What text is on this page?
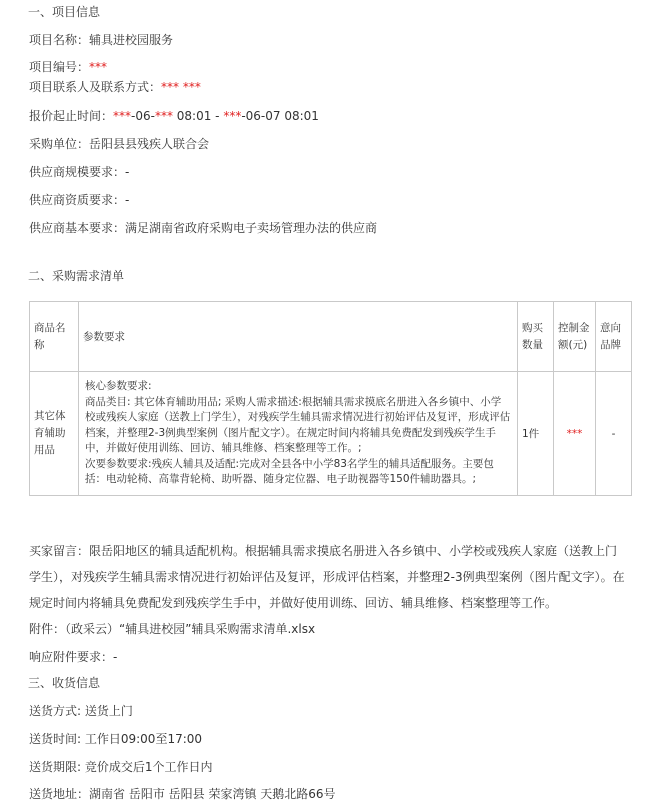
一、项目信息
项目名称：辅具进校园服务
项目编号：***
项目联系人及联系方式：*** ***
报价起止时间：***-06-*** 08:01 - ***-06-07 08:01
采购单位：岳阳县县残疾人联合会
供应商规模要求：-
供应商资质要求：-
供应商基本要求：满足湖南省政府采购电子卖场管理办法的供应商
二、采购需求清单
商品名称	参数要求	购买数量	控制金额(元)	意向品牌
其它体育辅助用品	核心参数要求:
商品类目: 其它体育辅助用品; 采购人需求描述:根据辅具需求摸底名册进入各乡镇中、小学校或残疾人家庭（送教上门学生），对残疾学生辅具需求情况进行初始评估及复评，形成评估档案，并整理2-3例典型案例（图片配文字）。在规定时间内将辅具免费配发到残疾学生手中，并做好使用训练、回访、辅具维修、档案整理等工作。;
次要参数要求:残疾人辅具及适配:完成对全县各中小学83名学生的辅具适配服务。主要包括：电动轮椅、高靠背轮椅、助听器、随身定位器、电子助视器等150件辅助器具。;	1件	***	-
买家留言：限岳阳地区的辅具适配机构。根据辅具需求摸底名册进入各乡镇中、小学校或残疾人家庭（送教上门学生），对残疾学生辅具需求情况进行初始评估及复评，形成评估档案，并整理2-3例典型案例（图片配文字）。在规定时间内将辅具免费配发到残疾学生手中，并做好使用训练、回访、辅具维修、档案整理等工作。
附件：（政采云）“辅具进校园”辅具采购需求清单.xlsx
响应附件要求：-
三、收货信息
送货方式: 送货上门
送货时间: 工作日09:00至17:00
送货期限: 竞价成交后1个工作日内
送货地址：湖南省 岳阳市 岳阳县 荣家湾镇 天鹅北路66号
